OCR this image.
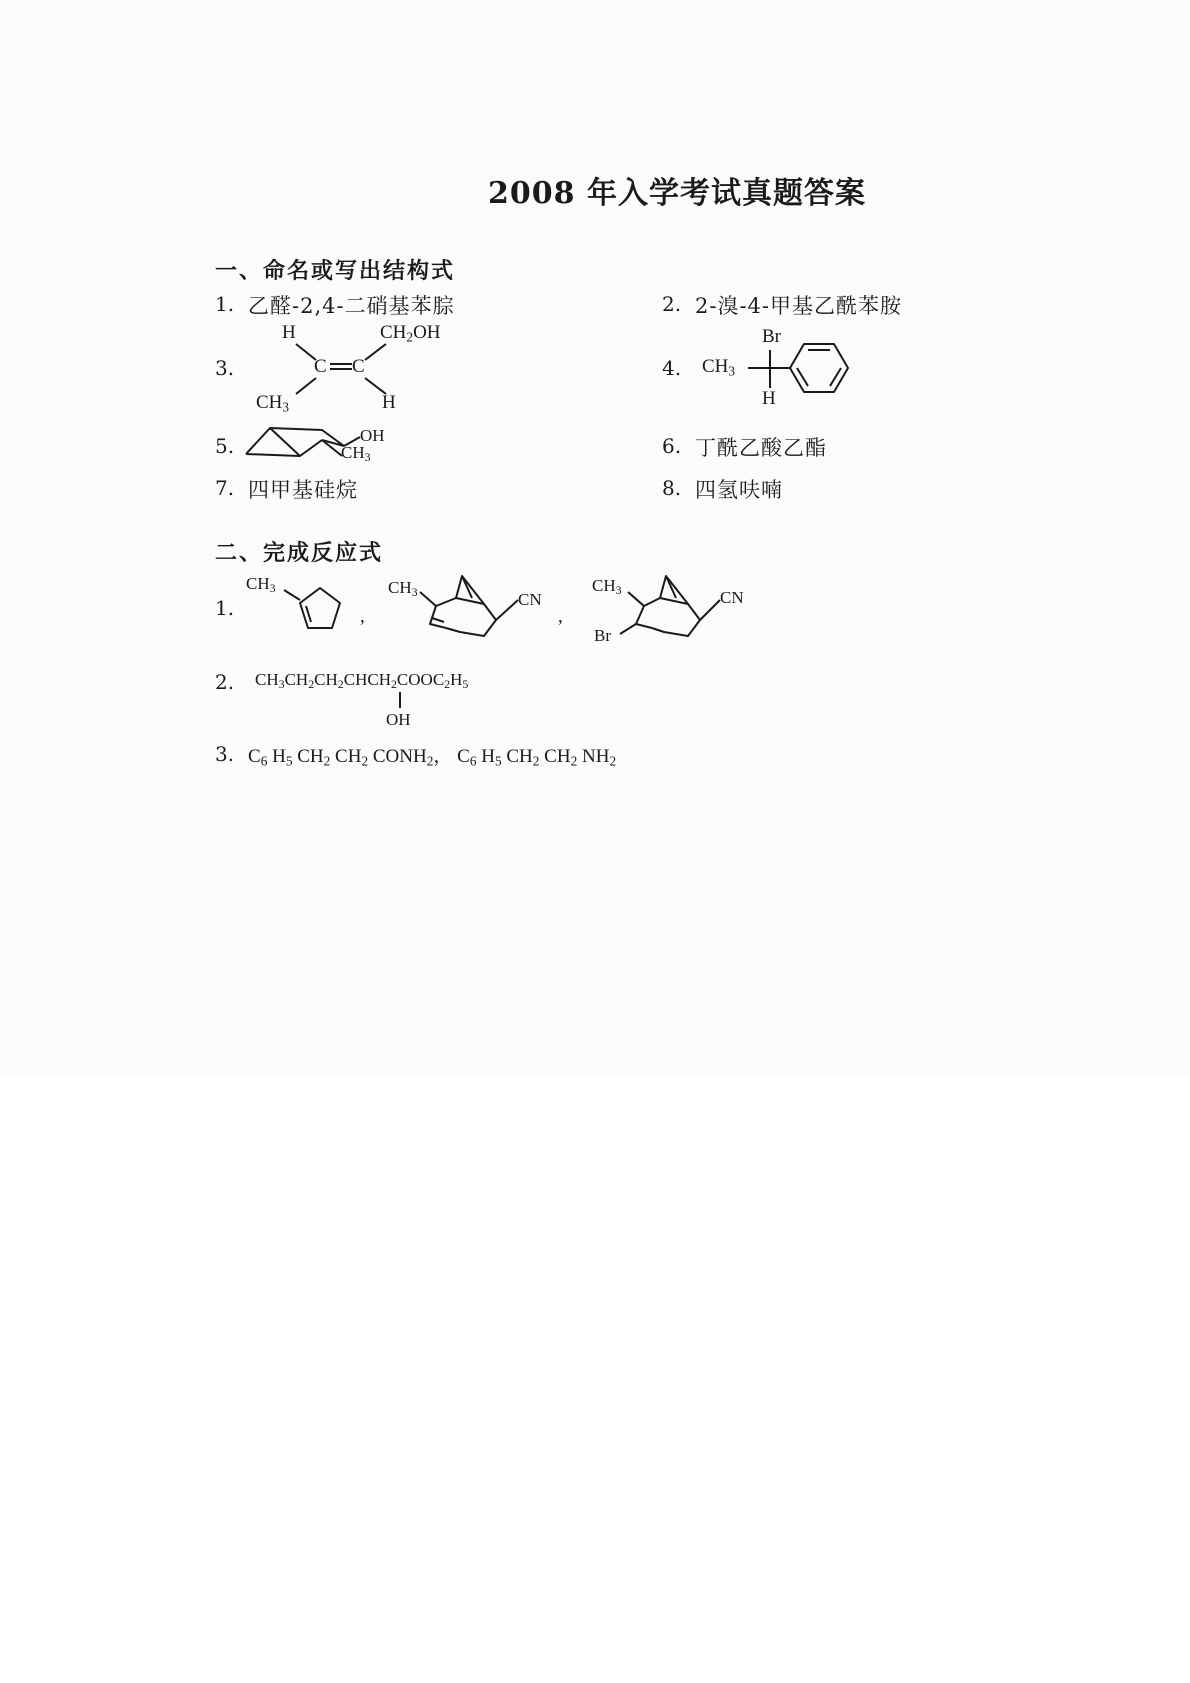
2008 年入学考试真题答案
一、命名或写出结构式
1. 乙醛-2,4-二硝基苯腙	2. 2-溴-4-甲基乙酰苯胺
3.
H	$CH_2OH$
C C
$CH_3$	H
4.
Br
$CH_3$
H
5.	OH
$CH_3$	6. 丁酰乙酸乙酯
7. 四甲基硅烷	8. 四氢呋喃
二、完成反应式
1.
$CH_3$
,
$CH_3$	CN
,
$CH_3$	CN
Br
2. $CH_3CH_2CH_2CHCH_2COOC_2H_5$
OH
3. $C_6$ $H_5$ $CH_2$ $CH_2$ $CONH_2$， $C_6$ $H_5$ $CH_2$ $CH_2$ $NH_2$
